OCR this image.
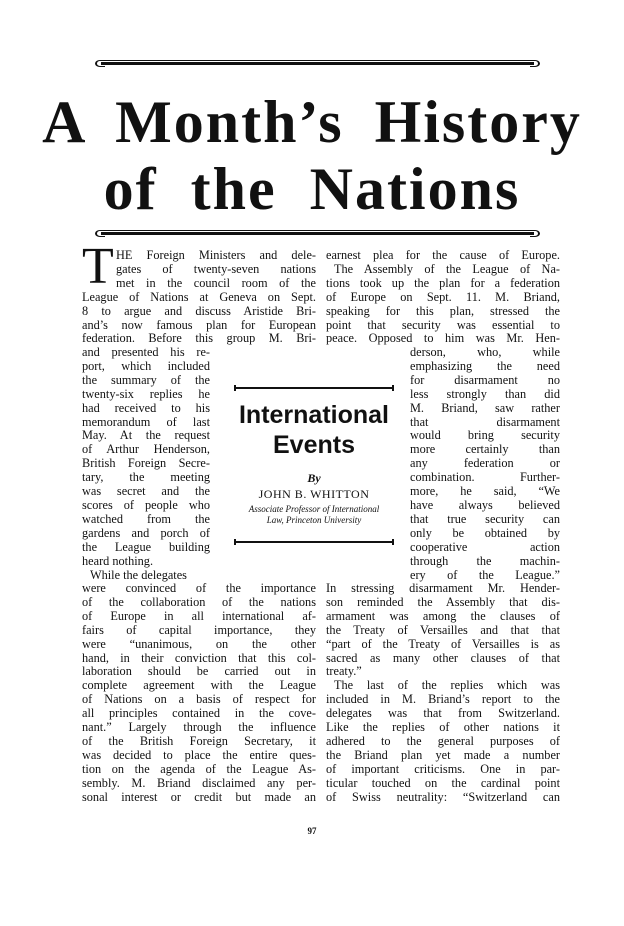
A Month’s History
of the Nations
T HE Foreign Ministers and dele-
gates of twenty-seven nations
met in the council room of the
League of Nations at Geneva on Sept.
8 to argue and discuss Aristide Bri-
and’s now famous plan for European
federation. Before this group M. Bri-
and presented his re-
port, which included
the summary of the
twenty-six replies he
had received to his
memorandum of last
May. At the request
of Arthur Henderson,
British Foreign Secre-
tary, the meeting
was secret and the
scores of people who
watched from the
gardens and porch of
the League building
heard nothing.
While the delegates
were convinced of the importance
of the collaboration of the nations
of Europe in all international af-
fairs of capital importance, they
were “unanimous, on the other
hand, in their conviction that this col-
laboration should be carried out in
complete agreement with the League
of Nations on a basis of respect for
all principles contained in the cove-
nant.” Largely through the influence
of the British Foreign Secretary, it
was decided to place the entire ques-
tion on the agenda of the League As-
sembly. M. Briand disclaimed any per-
sonal interest or credit but made an
earnest plea for the cause of Europe.
The Assembly of the League of Na-
tions took up the plan for a federation
of Europe on Sept. 11. M. Briand,
speaking for this plan, stressed the
point that security was essential to
peace. Opposed to him was Mr. Hen-
derson, who, while
emphasizing the need
for disarmament no
less strongly than did
M. Briand, saw rather
that disarmament
would bring security
more certainly than
any federation or
combination. Further-
more, he said, “We
have always believed
that true security can
only be obtained by
cooperative action
through the machin-
ery of the League.”
In stressing disarmament Mr. Hender-
son reminded the Assembly that dis-
armament was among the clauses of
the Treaty of Versailles and that that
“part of the Treaty of Versailles is as
sacred as many other clauses of that
treaty.”
The last of the replies which was
included in M. Briand’s report to the
delegates was that from Switzerland.
Like the replies of other nations it
adhered to the general purposes of
the Briand plan yet made a number
of important criticisms. One in par-
ticular touched on the cardinal point
of Swiss neutrality: “Switzerland can
International
Events
By
JOHN B. WHITTON
Associate Professor of International
Law, Princeton University
97
